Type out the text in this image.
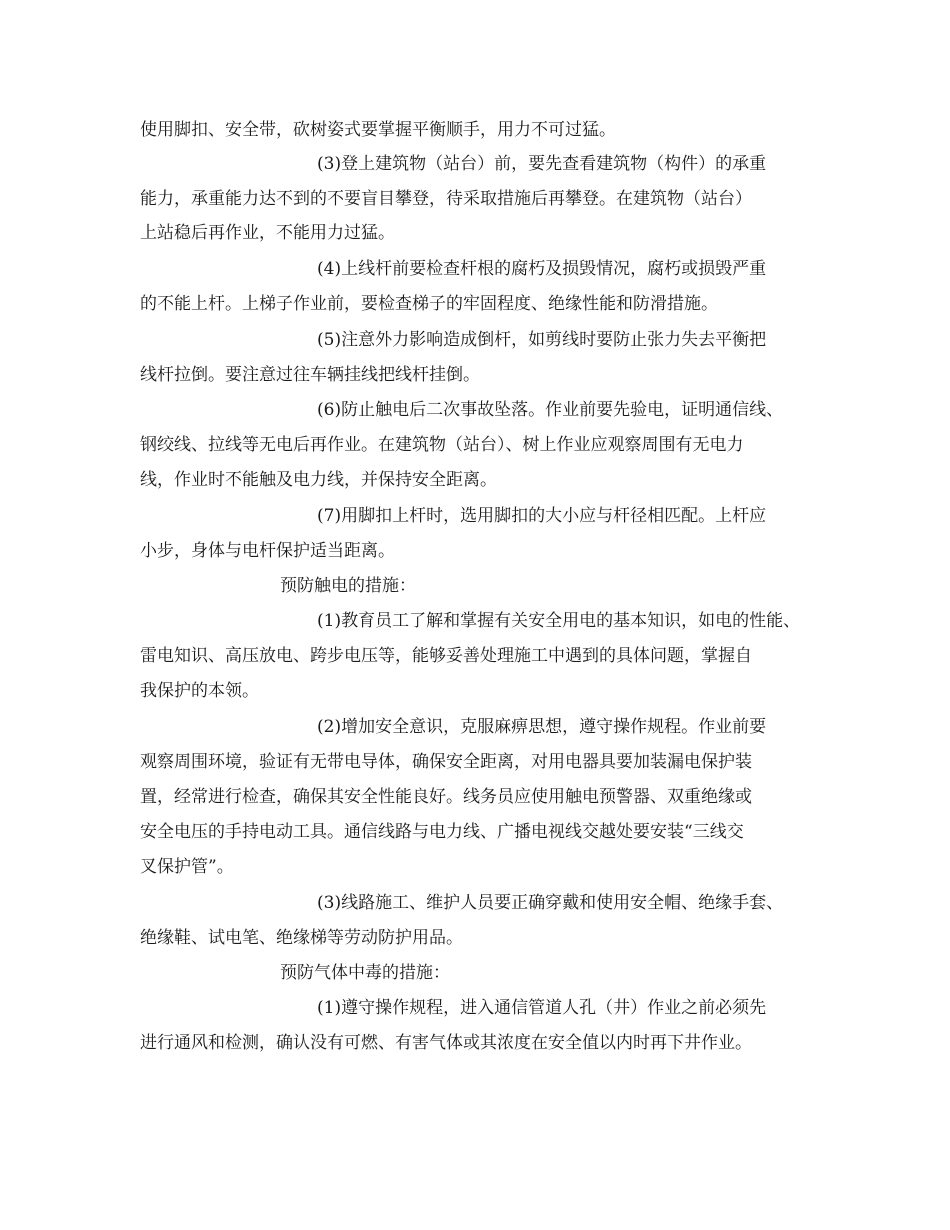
使用脚扣、安全带，砍树姿式要掌握平衡顺手，用力不可过猛。
(3)登上建筑物（站台）前，要先查看建筑物（构件）的承重
能力，承重能力达不到的不要盲目攀登，待采取措施后再攀登。在建筑物（站台）
上站稳后再作业，不能用力过猛。
(4)上线杆前要检查杆根的腐朽及损毁情况，腐朽或损毁严重
的不能上杆。上梯子作业前，要检查梯子的牢固程度、绝缘性能和防滑措施。
(5)注意外力影响造成倒杆，如剪线时要防止张力失去平衡把
线杆拉倒。要注意过往车辆挂线把线杆挂倒。
(6)防止触电后二次事故坠落。作业前要先验电，证明通信线、
钢绞线、拉线等无电后再作业。在建筑物（站台）、树上作业应观察周围有无电力
线，作业时不能触及电力线，并保持安全距离。
(7)用脚扣上杆时，选用脚扣的大小应与杆径相匹配。上杆应
小步，身体与电杆保护适当距离。
预防触电的措施：
(1)教育员工了解和掌握有关安全用电的基本知识，如电的性能、
雷电知识、高压放电、跨步电压等，能够妥善处理施工中遇到的具体问题，掌握自
我保护的本领。
(2)增加安全意识，克服麻痹思想，遵守操作规程。作业前要
观察周围环境，验证有无带电导体，确保安全距离，对用电器具要加装漏电保护装
置，经常进行检查，确保其安全性能良好。线务员应使用触电预警器、双重绝缘或
安全电压的手持电动工具。通信线路与电力线、广播电视线交越处要安装“三线交
叉保护管”。
(3)线路施工、维护人员要正确穿戴和使用安全帽、绝缘手套、
绝缘鞋、试电笔、绝缘梯等劳动防护用品。
预防气体中毒的措施：
(1)遵守操作规程，进入通信管道人孔（井）作业之前必须先
进行通风和检测，确认没有可燃、有害气体或其浓度在安全值以内时再下井作业。
